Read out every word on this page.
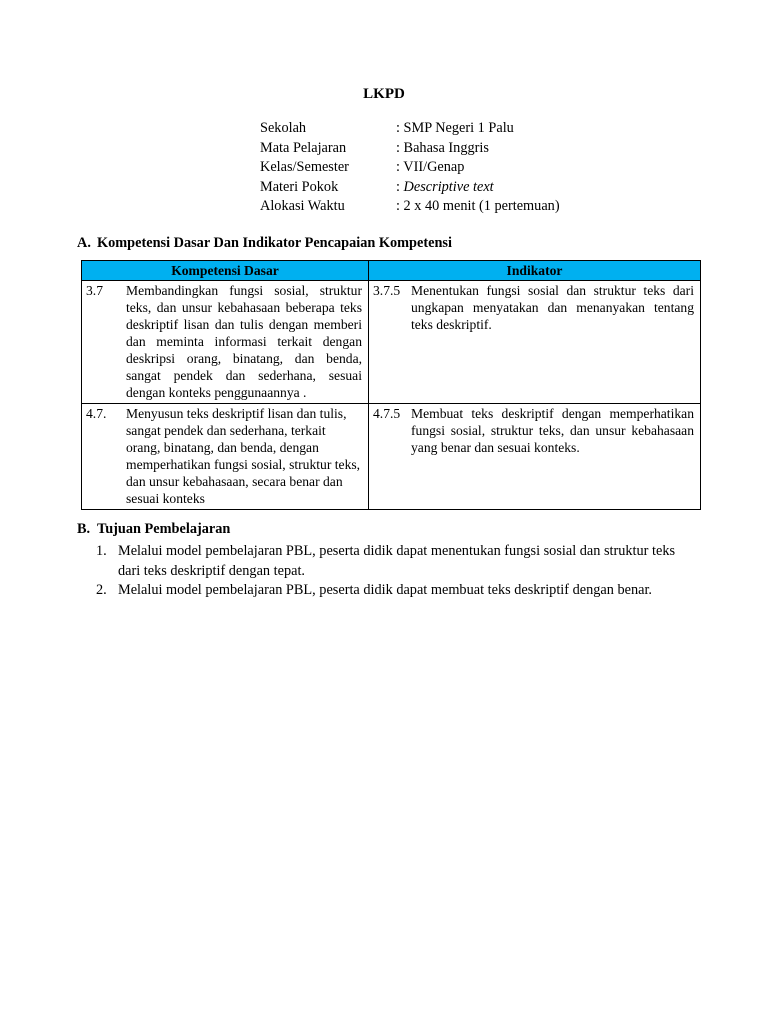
LKPD
Sekolah	: SMP Negeri 1 Palu
Mata Pelajaran	: Bahasa Inggris
Kelas/Semester	: VII/Genap
Materi Pokok	: Descriptive text
Alokasi Waktu	: 2 x 40 menit (1 pertemuan)
A. Kompetensi Dasar Dan Indikator Pencapaian Kompetensi
Kompetensi Dasar	Indikator

3.7 Membandingkan fungsi sosial, struktur teks, dan unsur kebahasaan beberapa teks deskriptif lisan dan tulis dengan memberi dan meminta informasi terkait dengan deskripsi orang, binatang, dan benda, sangat pendek dan sederhana, sesuai dengan konteks penggunaannya .	3.7.5 Menentukan fungsi sosial dan struktur teks dari ungkapan menyatakan dan menanyakan tentang teks deskriptif.

4.7. Menyusun teks deskriptif lisan dan tulis, sangat pendek dan sederhana, terkait orang, binatang, dan benda, dengan memperhatikan fungsi sosial, struktur teks, dan unsur kebahasaan, secara benar dan sesuai konteks	4.7.5 Membuat teks deskriptif dengan memperhatikan fungsi sosial, struktur teks, dan unsur kebahasaan yang benar dan sesuai konteks.
B. Tujuan Pembelajaran
1. Melalui model pembelajaran PBL, peserta didik dapat menentukan fungsi sosial dan struktur teks dari teks deskriptif dengan tepat.
2. Melalui model pembelajaran PBL, peserta didik dapat membuat teks deskriptif dengan benar.
